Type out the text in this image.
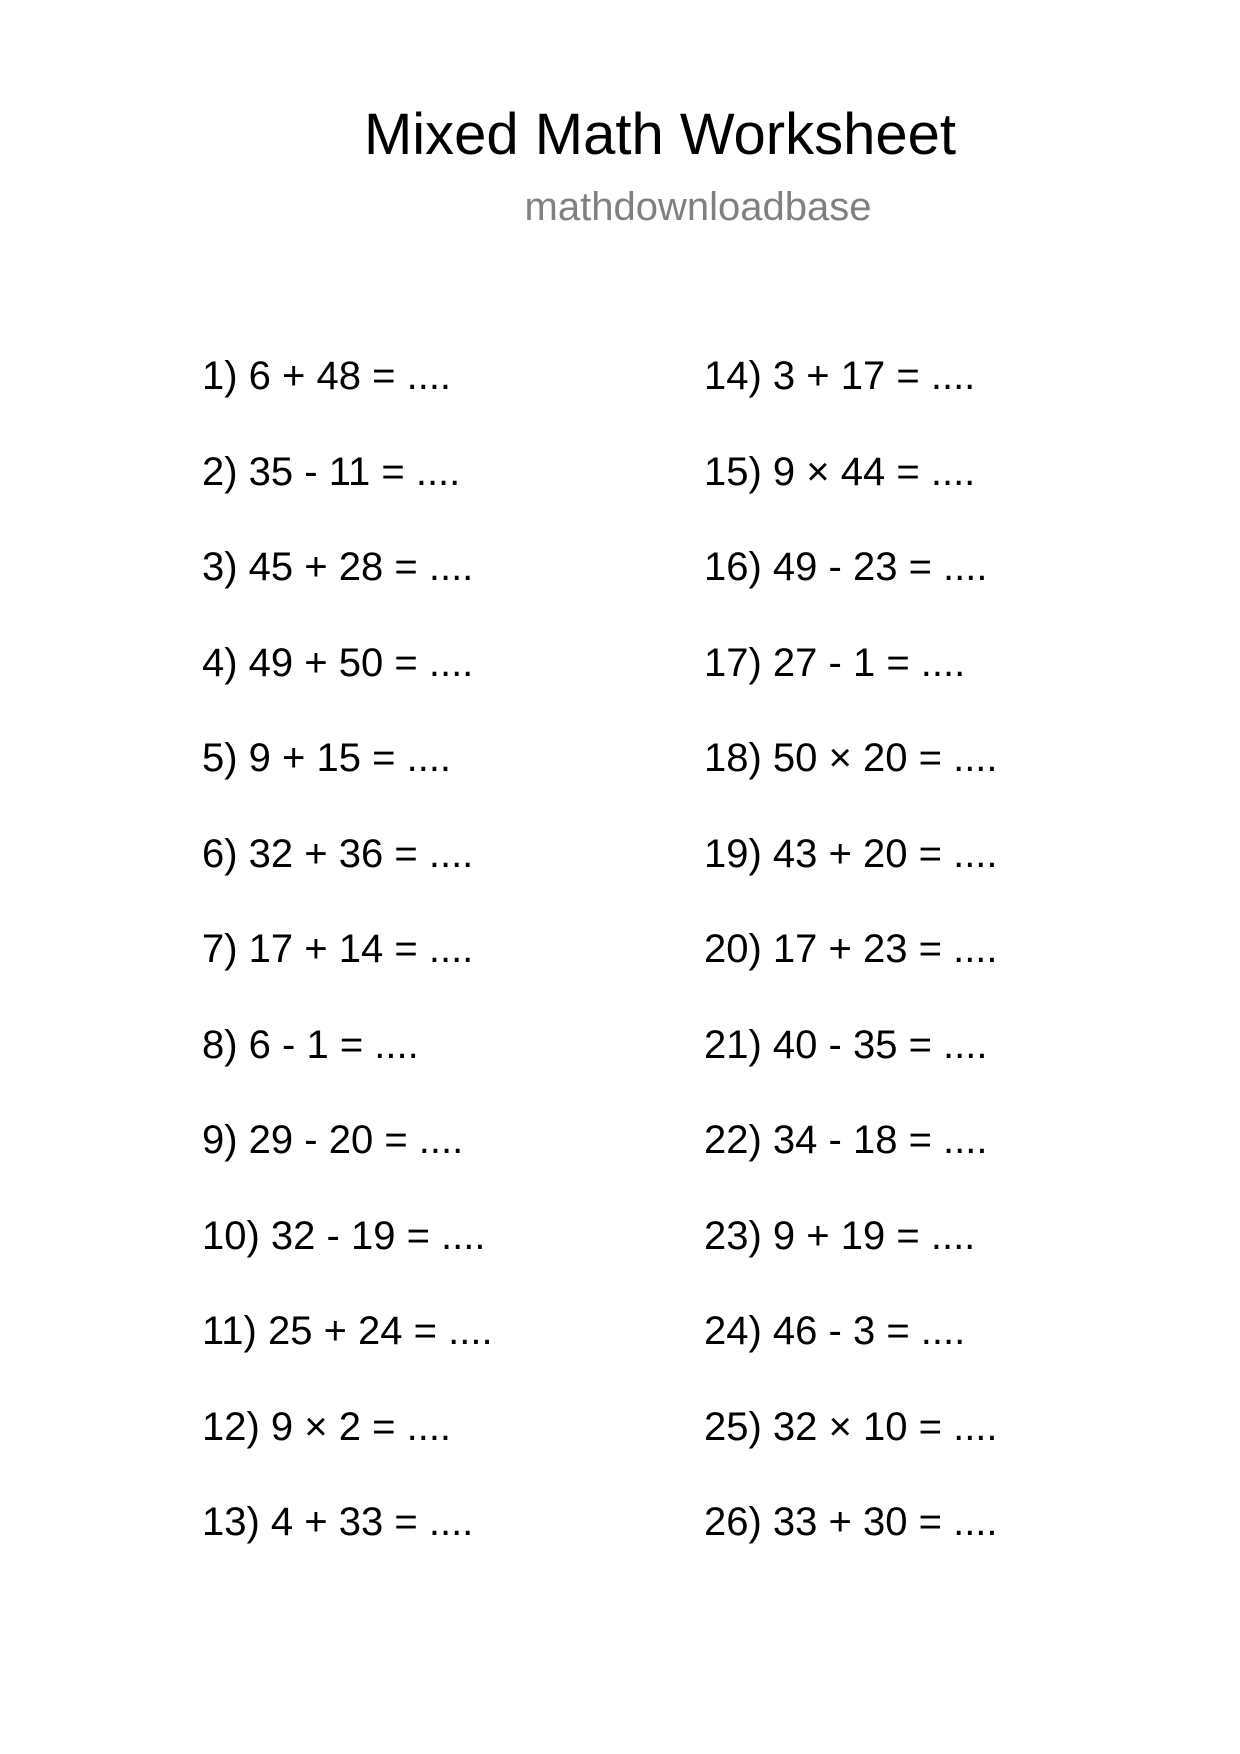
Mixed Math Worksheet
mathdownloadbase
1) 6 + 48 = ....
2) 35 - 11 = ....
3) 45 + 28 = ....
4) 49 + 50 = ....
5) 9 + 15 = ....
6) 32 + 36 = ....
7) 17 + 14 = ....
8) 6 - 1 = ....
9) 29 - 20 = ....
10) 32 - 19 = ....
11) 25 + 24 = ....
12) 9 × 2 = ....
13) 4 + 33 = ....
14) 3 + 17 = ....
15) 9 × 44 = ....
16) 49 - 23 = ....
17) 27 - 1 = ....
18) 50 × 20 = ....
19) 43 + 20 = ....
20) 17 + 23 = ....
21) 40 - 35 = ....
22) 34 - 18 = ....
23) 9 + 19 = ....
24) 46 - 3 = ....
25) 32 × 10 = ....
26) 33 + 30 = ....
